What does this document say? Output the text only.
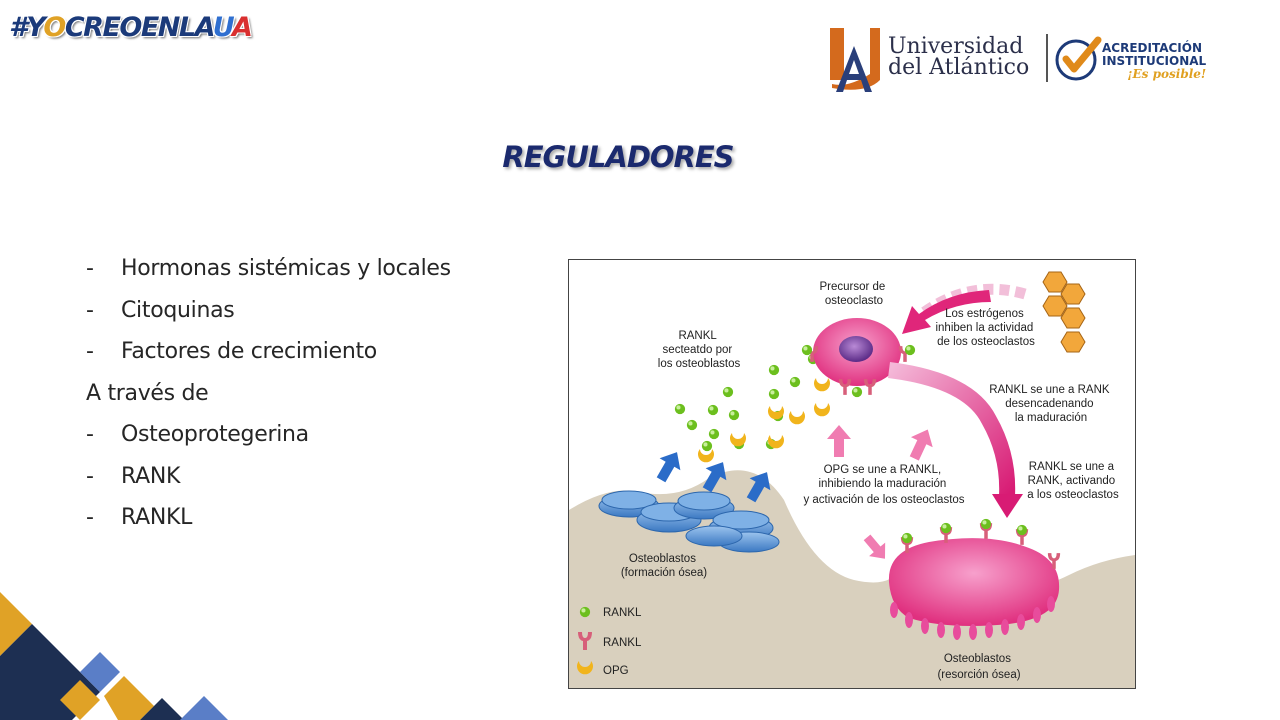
#YOCREOENLAUA

Universidad
del Atlántico

ACREDITACIÓN
INSTITUCIONAL
¡Es posible!

REGULADORES
- Hormonas sistémicas y locales
- Citoquinas
- Factores de crecimiento
A través de
- Osteoprotegerina
- RANK
- RANKL
Precursor de osteoclasto
Los estrógenos inhiben la actividad de los osteoclastos
RANKL secteatdo por los osteoblastos
RANKL se une a RANK desencadenando la maduración
RANKL se une a RANK, activando a los osteoclastos
OPG se une a RANKL, inhibiendo la maduración y activación de los osteoclastos
Osteoblastos (formación ósea)
Osteoblastos (resorción ósea)
RANKL
RANKL
OPG
